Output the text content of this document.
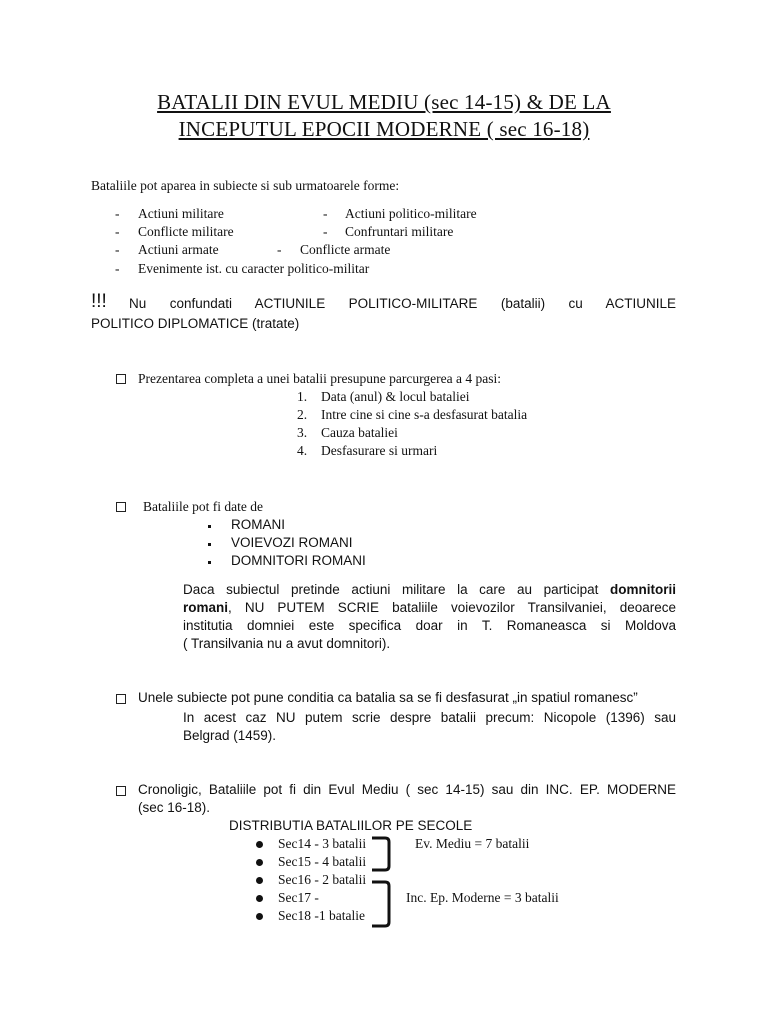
BATALII DIN EVUL MEDIU (sec 14-15) & DE LA
INCEPUTUL EPOCII MODERNE ( sec 16-18)
Bataliile pot aparea in subiecte si sub urmatoarele forme:
- Actiuni militare	- Actiuni politico-militare
- Conflicte militare	- Confruntari militare
- Actiuni armate	- Conflicte armate
- Evenimente ist. cu caracter politico-militar
!!! Nu confundati ACTIUNILE POLITICO-MILITARE (batalii) cu ACTIUNILE
POLITICO DIPLOMATICE (tratate)
Prezentarea completa a unei batalii presupune parcurgerea a 4 pasi:
1. Data (anul) & locul bataliei
2. Intre cine si cine s-a desfasurat batalia
3. Cauza bataliei
4. Desfasurare si urmari
Bataliile pot fi date de
ROMANI
VOIEVOZI ROMANI
DOMNITORI ROMANI
Daca subiectul pretinde actiuni militare la care au participat domnitorii
romani, NU PUTEM SCRIE bataliile voievozilor Transilvaniei, deoarece
institutia domniei este specifica doar in T. Romaneasca si Moldova
( Transilvania nu a avut domnitori).
Unele subiecte pot pune conditia ca batalia sa se fi desfasurat „in spatiul romanesc”
In acest caz NU putem scrie despre batalii precum: Nicopole (1396) sau
Belgrad (1459).
Cronoligic, Bataliile pot fi din Evul Mediu ( sec 14-15) sau din INC. EP. MODERNE
(sec 16-18).
DISTRIBUTIA BATALIILOR PE SECOLE
Sec14 - 3 batalii
Sec15 - 4 batalii
Sec16 - 2 batalii
Sec17 -
Sec18 -1 batalie
Ev. Mediu = 7 batalii
Inc. Ep. Moderne = 3 batalii
